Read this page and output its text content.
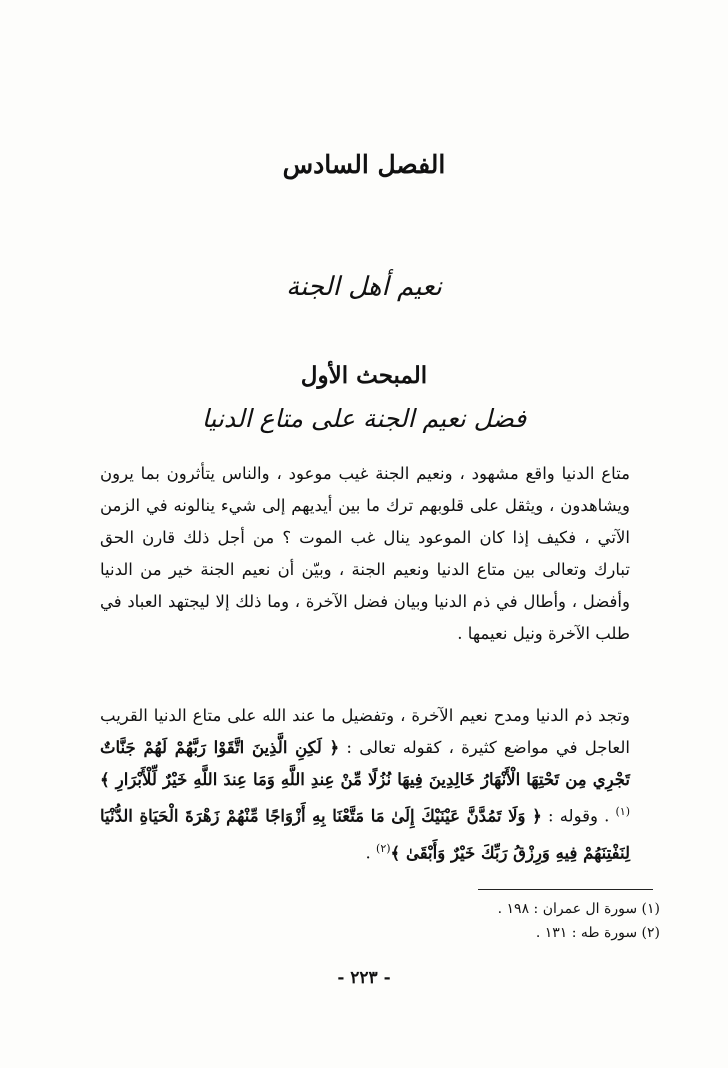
الفصل السادس
نعيم أهل الجنة
المبحث الأول
فضل نعيم الجنة على متاع الدنيا
متاع الدنيا واقع مشهود ، ونعيم الجنة غيب موعود ، والناس يتأثرون بما يرون ويشاهدون ، ويثقل على قلوبهم ترك ما بين أيديهم إلى شيء ينالونه في الزمن الآتي ، فكيف إذا كان الموعود ينال غب الموت ؟ من أجل ذلك قارن الحق تبارك وتعالى بين متاع الدنيا ونعيم الجنة ، وبيّن أن نعيم الجنة خير من الدنيا وأفضل ، وأطال في ذم الدنيا وبيان فضل الآخرة ، وما ذلك إلا ليجتهد العباد في طلب الآخرة ونيل نعيمها .
وتجد ذم الدنيا ومدح نعيم الآخرة ، وتفضيل ما عند الله على متاع الدنيا القريب العاجل في مواضع كثيرة ، كقوله تعالى : ﴿ لَكِنِ الَّذِينَ اتَّقَوْا رَبَّهُمْ لَهُمْ جَنَّاتٌ تَجْرِي مِن تَحْتِهَا الْأَنْهَارُ خَالِدِينَ فِيهَا نُزُلًا مِّنْ عِندِ اللَّهِ وَمَا عِندَ اللَّهِ خَيْرٌ لِّلْأَبْرَارِ ﴾$^{(١)}$ . وقوله : ﴿ وَلَا تَمُدَّنَّ عَيْنَيْكَ إِلَىٰ مَا مَتَّعْنَا بِهِ أَزْوَاجًا مِّنْهُمْ زَهْرَةَ الْحَيَاةِ الدُّنْيَا لِنَفْتِنَهُمْ فِيهِ وَرِزْقُ رَبِّكَ خَيْرٌ وَأَبْقَىٰ ﴾$^{(٢)}$ .
(١) سورة ال عمران : ١٩٨ .
(٢) سورة طه : ١٣١ .
- ٢٢٣ -
